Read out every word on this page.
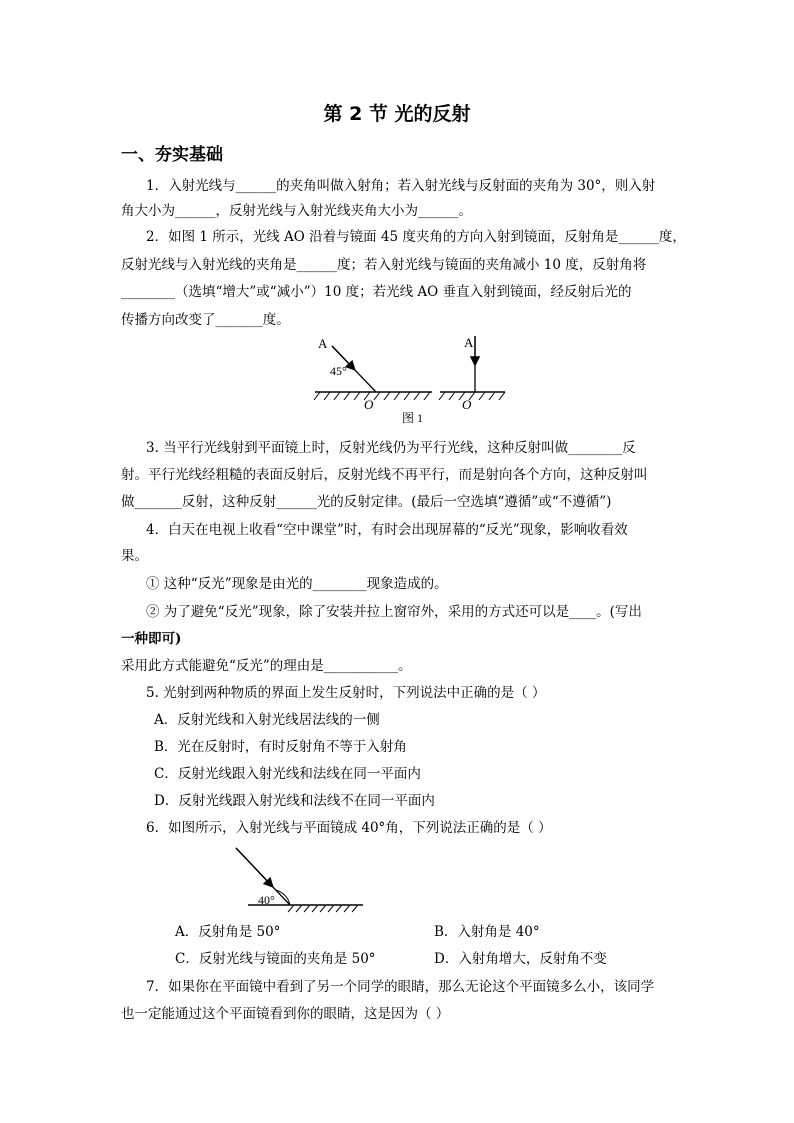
第 2 节 光的反射
一、夯实基础
1．入射光线与______的夹角叫做入射角；若入射光线与反射面的夹角为 30°，则入射
角大小为______，反射光线与入射光线夹角大小为______。
2．如图 1 所示，光线 AO 沿着与镜面 45 度夹角的方向入射到镜面，反射角是______度，
反射光线与入射光线的夹角是______度；若入射光线与镜面的夹角减小 10 度，反射角将
________（选填“增大”或“减小”）10 度；若光线 AO 垂直入射到镜面，经反射后光的
传播方向改变了_______度。
A
45°
O
A
O
图 1
3. 当平行光线射到平面镜上时，反射光线仍为平行光线，这种反射叫做________反
射。平行光线经粗糙的表面反射后，反射光线不再平行，而是射向各个方向，这种反射叫
做_______反射，这种反射______光的反射定律。(最后一空选填“遵循”或“不遵循”)
4．白天在电视上收看“空中课堂”时，有时会出现屏幕的“反光”现象，影响收看效
果。
① 这种“反光”现象是由光的________现象造成的。
② 为了避免“反光”现象，除了安装并拉上窗帘外，采用的方式还可以是____。(写出
一种即可)
采用此方式能避免“反光”的理由是___________。
5. 光射到两种物质的界面上发生反射时，下列说法中正确的是（ ）
A．反射光线和入射光线居法线的一侧
B．光在反射时，有时反射角不等于入射角
C．反射光线跟入射光线和法线在同一平面内
D．反射光线跟入射光线和法线不在同一平面内
6．如图所示，入射光线与平面镜成 40°角，下列说法正确的是（ ）
40°
A．反射角是 50°	B．入射角是 40°
C．反射光线与镜面的夹角是 50°	D．入射角增大，反射角不变
7．如果你在平面镜中看到了另一个同学的眼睛，那么无论这个平面镜多么小，该同学
也一定能通过这个平面镜看到你的眼睛，这是因为（ ）
